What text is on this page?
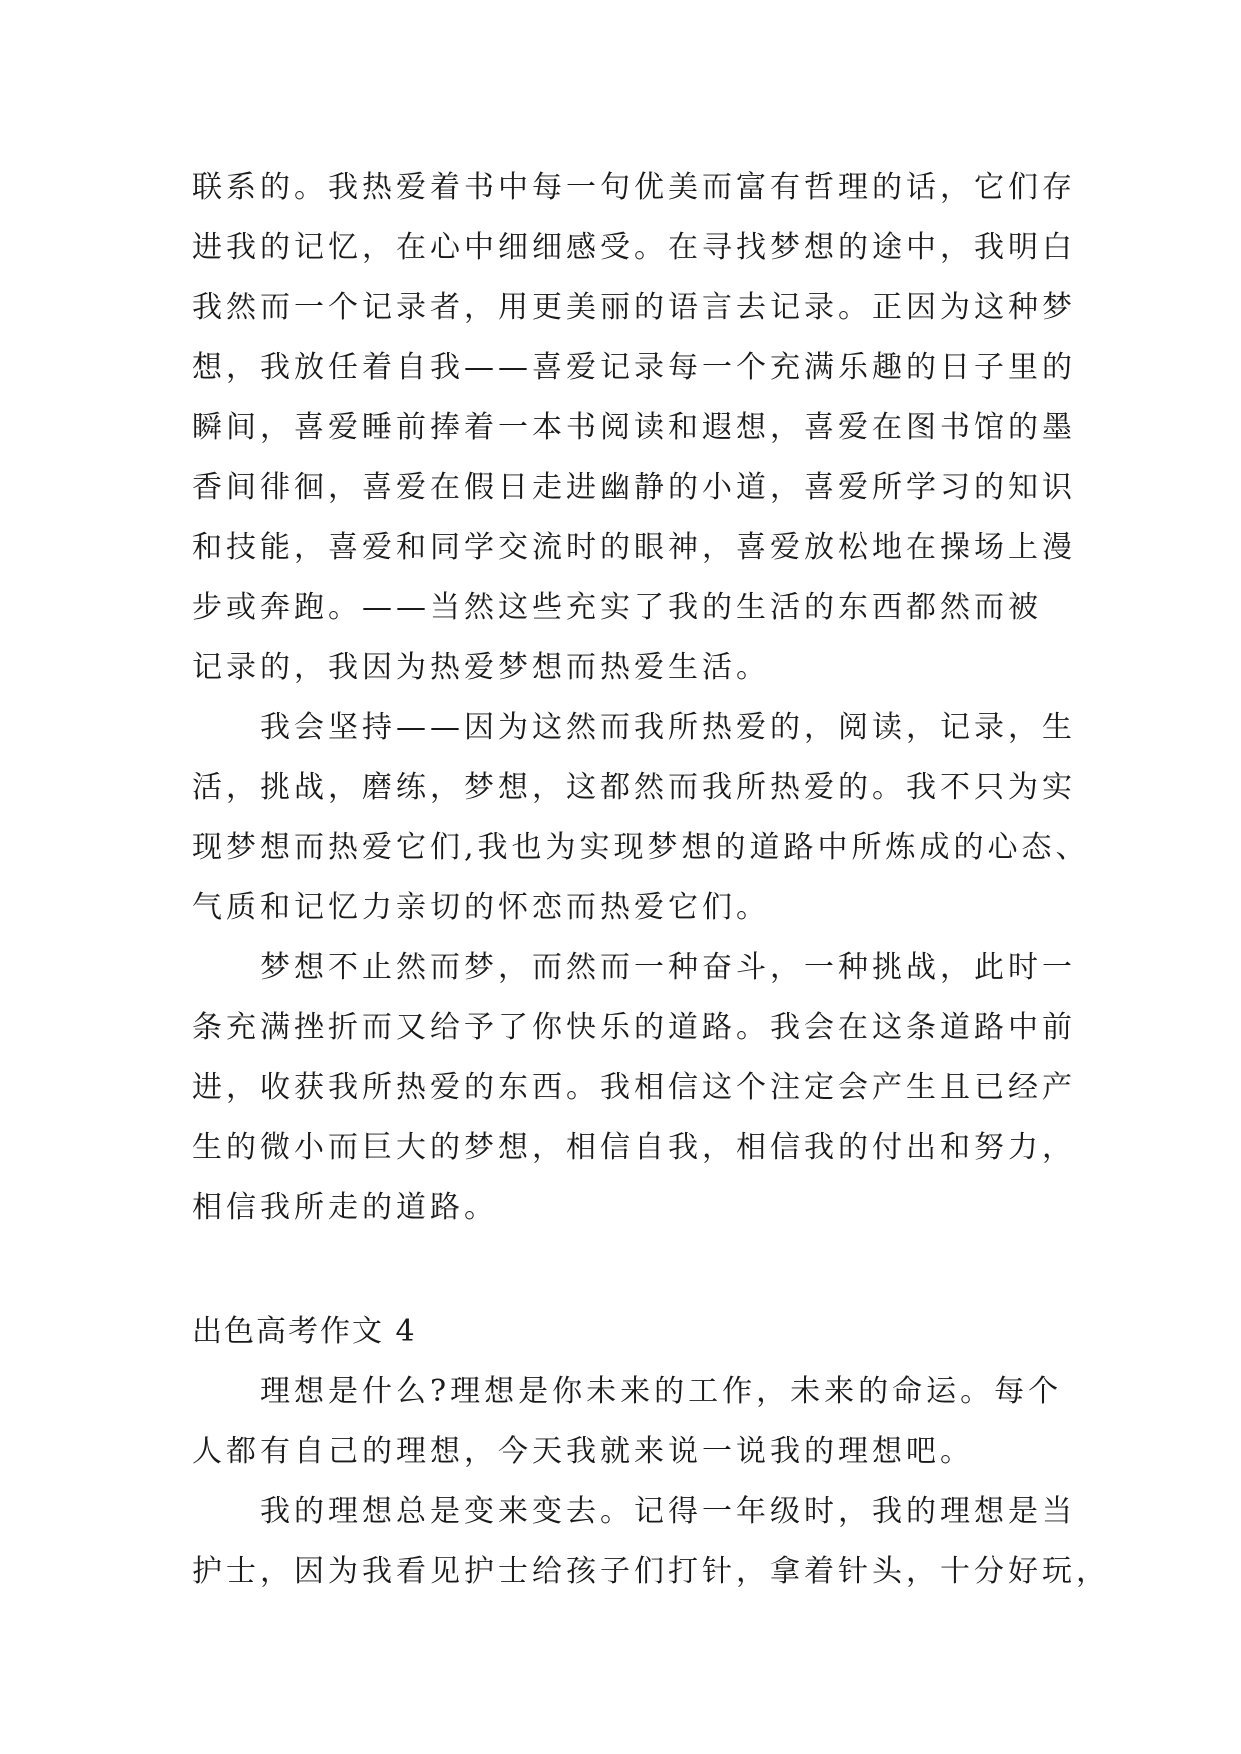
联系的。我热爱着书中每一句优美而富有哲理的话，它们存
进我的记忆，在心中细细感受。在寻找梦想的途中，我明白
我然而一个记录者，用更美丽的语言去记录。正因为这种梦
想，我放任着自我——喜爱记录每一个充满乐趣的日子里的
瞬间，喜爱睡前捧着一本书阅读和遐想，喜爱在图书馆的墨
香间徘徊，喜爱在假日走进幽静的小道，喜爱所学习的知识
和技能，喜爱和同学交流时的眼神，喜爱放松地在操场上漫
步或奔跑。——当然这些充实了我的生活的东西都然而被
记录的，我因为热爱梦想而热爱生活。
我会坚持——因为这然而我所热爱的，阅读，记录，生
活，挑战，磨练，梦想，这都然而我所热爱的。我不只为实
现梦想而热爱它们,我也为实现梦想的道路中所炼成的心态、
气质和记忆力亲切的怀恋而热爱它们。
梦想不止然而梦，而然而一种奋斗，一种挑战，此时一
条充满挫折而又给予了你快乐的道路。我会在这条道路中前
进，收获我所热爱的东西。我相信这个注定会产生且已经产
生的微小而巨大的梦想，相信自我，相信我的付出和努力，
相信我所走的道路。
出色高考作文 4
理想是什么?理想是你未来的工作，未来的命运。每个
人都有自己的理想，今天我就来说一说我的理想吧。
我的理想总是变来变去。记得一年级时，我的理想是当
护士，因为我看见护士给孩子们打针，拿着针头，十分好玩，
